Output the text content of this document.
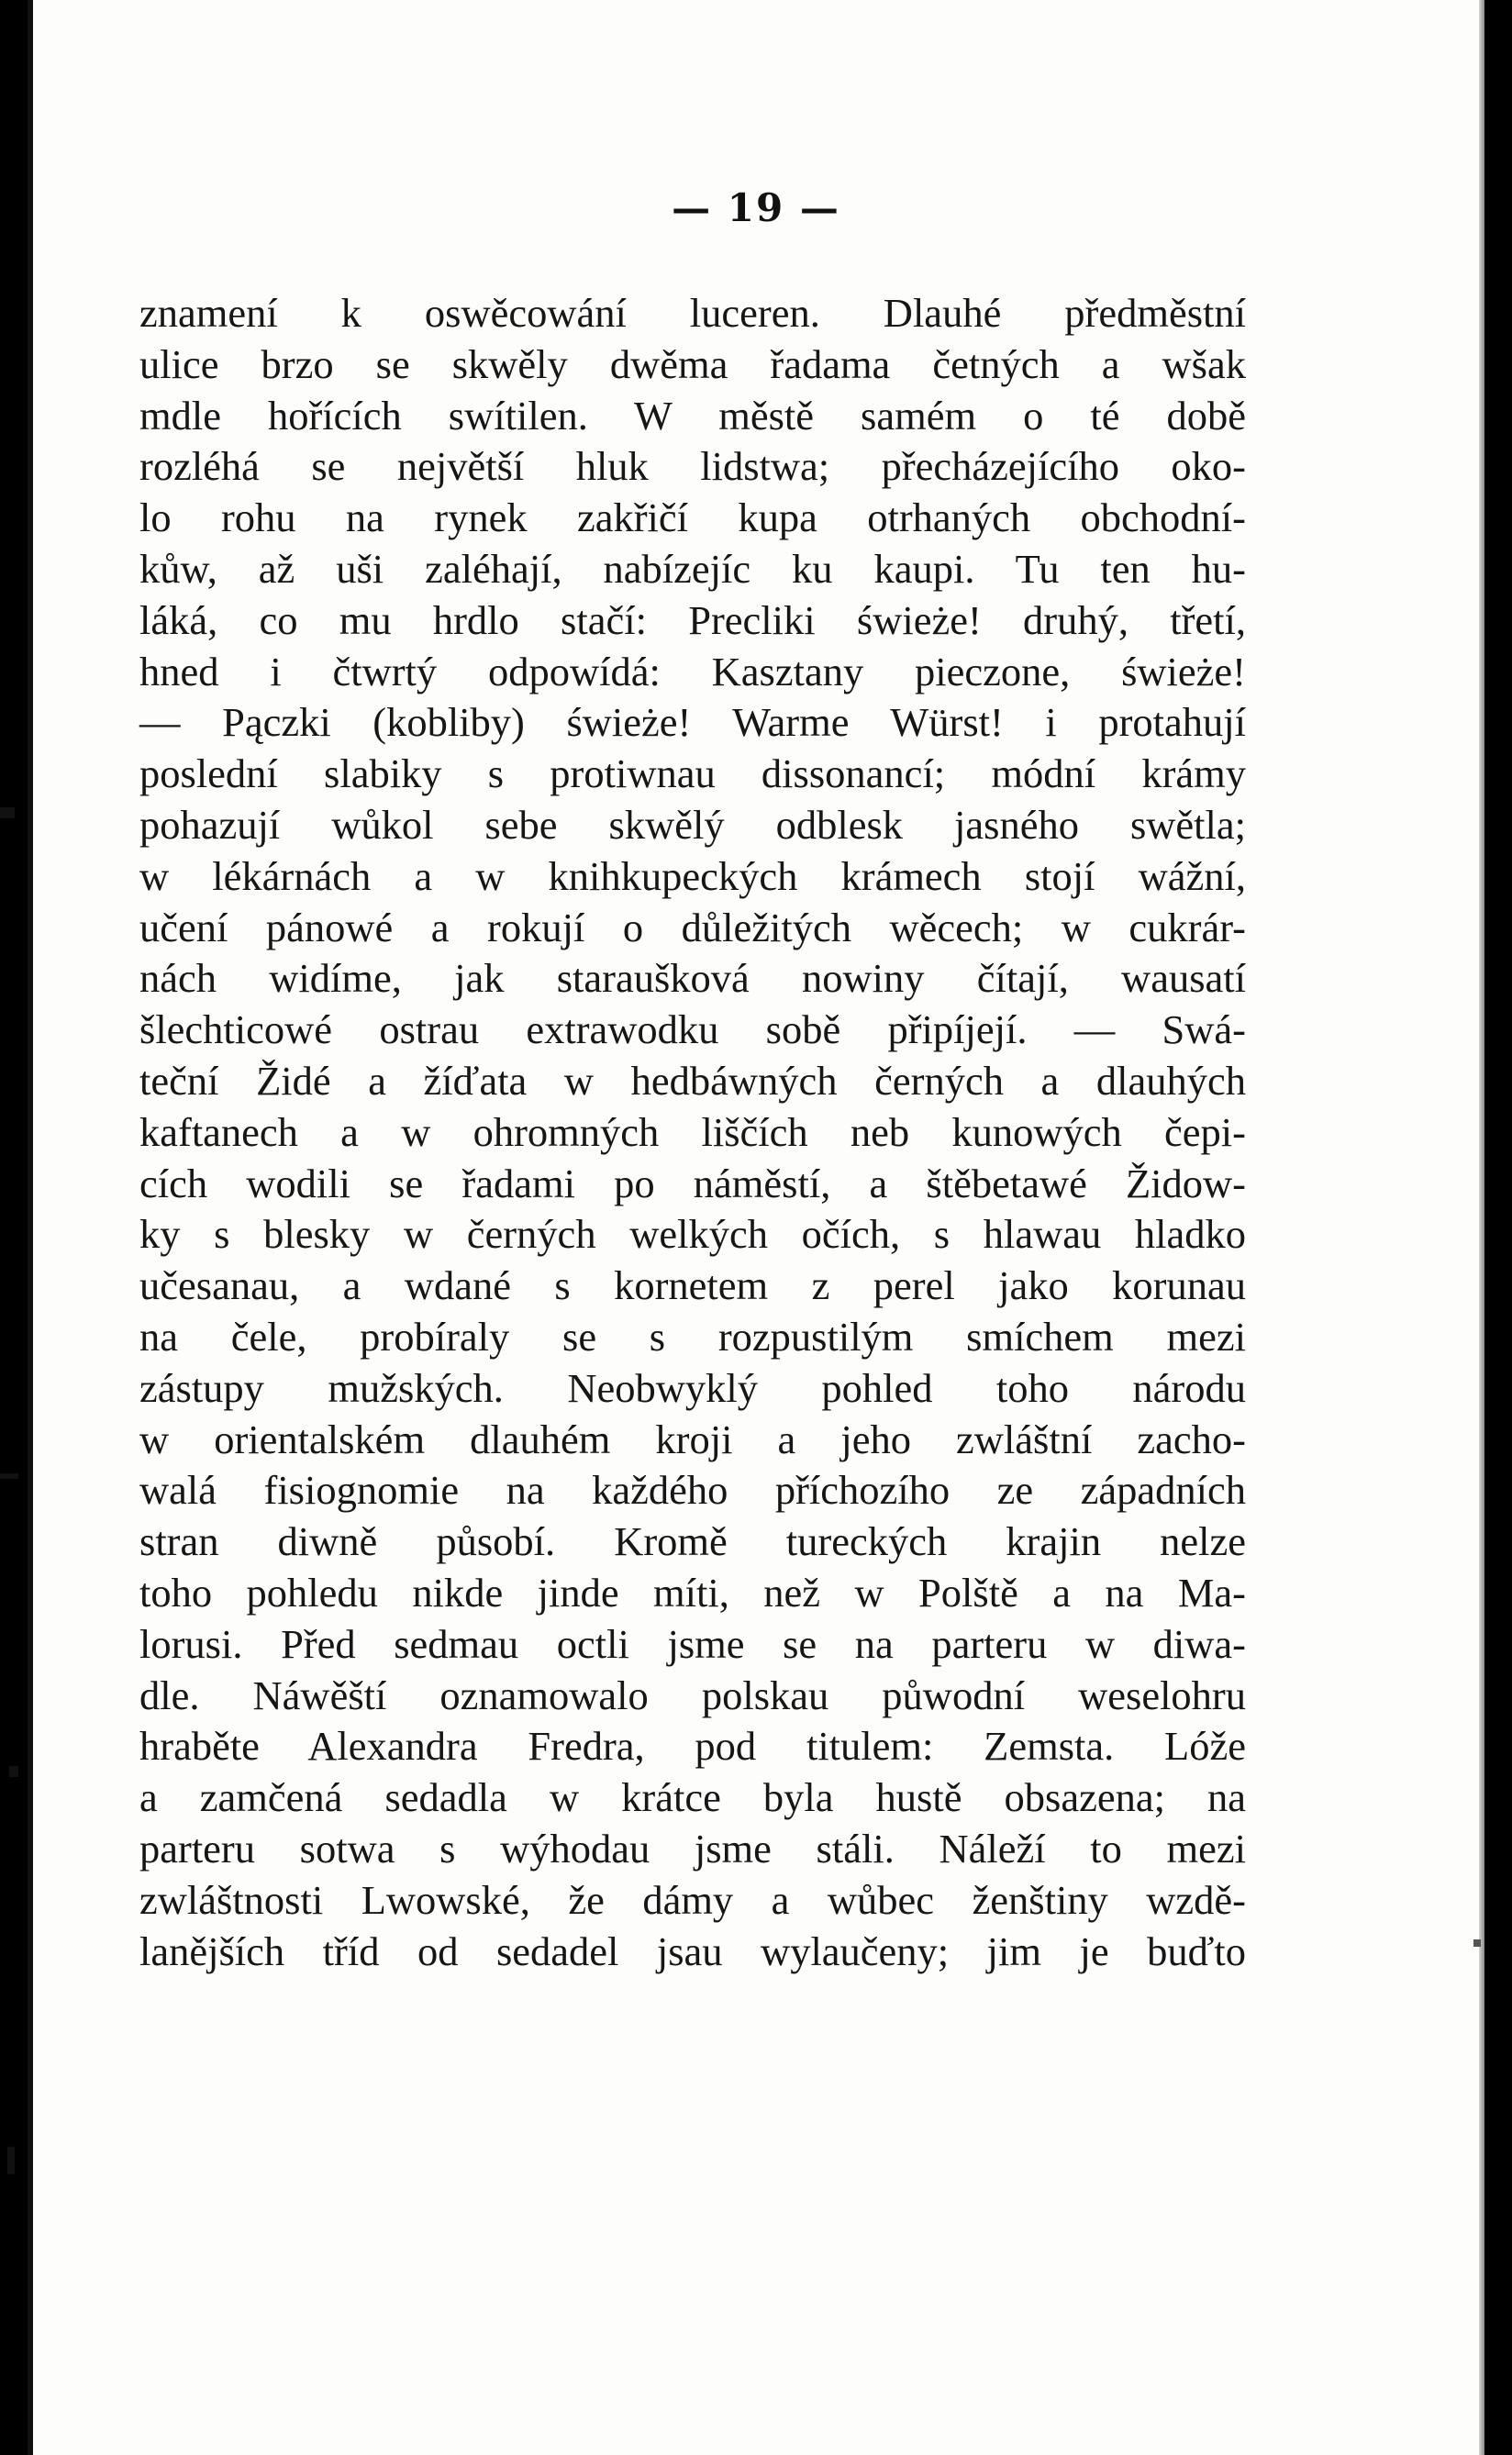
— 19 —
znamení k oswěcowání luceren. Dlauhé předměstní
ulice brzo se skwěly dwěma řadama četných a wšak
mdle hořících swítilen. W městě samém o té době
rozléhá se největší hluk lidstwa; přecházejícího oko-
lo rohu na rynek zakřičí kupa otrhaných obchodní-
kůw, až uši zaléhají, nabízejíc ku kaupi. Tu ten hu-
láká, co mu hrdlo stačí: Precliki świeże! druhý, třetí,
hned i čtwrtý odpowídá: Kasztany pieczone, świeże!
— Pączki (kobliby) świeże! Warme Würst! i protahují
poslední slabiky s protiwnau dissonancí; módní krámy
pohazují wůkol sebe skwělý odblesk jasného swětla;
w lékárnách a w knihkupeckých krámech stojí wážní,
učení pánowé a rokují o důležitých wěcech; w cukrár-
nách widíme, jak staraušková nowiny čítají, wausatí
šlechticowé ostrau extrawodku sobě připíjejí. — Swá-
teční Židé a žíďata w hedbáwných černých a dlauhých
kaftanech a w ohromných liščích neb kunowých čepi-
cích wodili se řadami po náměstí, a štěbetawé Židow-
ky s blesky w černých welkých očích, s hlawau hladko
učesanau, a wdané s kornetem z perel jako korunau
na čele, probíraly se s rozpustilým smíchem mezi
zástupy mužských. Neobwyklý pohled toho národu
w orientalském dlauhém kroji a jeho zwláštní zacho-
walá fisiognomie na každého příchozího ze západních
stran diwně působí. Kromě tureckých krajin nelze
toho pohledu nikde jinde míti, než w Polště a na Ma-
lorusi. Před sedmau octli jsme se na parteru w diwa-
dle. Náwěští oznamowalo polskau půwodní weselohru
hraběte Alexandra Fredra, pod titulem: Zemsta. Lóže
a zamčená sedadla w krátce byla hustě obsazena; na
parteru sotwa s wýhodau jsme stáli. Náleží to mezi
zwláštnosti Lwowské, že dámy a wůbec ženštiny wzdě-
lanějších tříd od sedadel jsau wylaučeny; jim je buďto
